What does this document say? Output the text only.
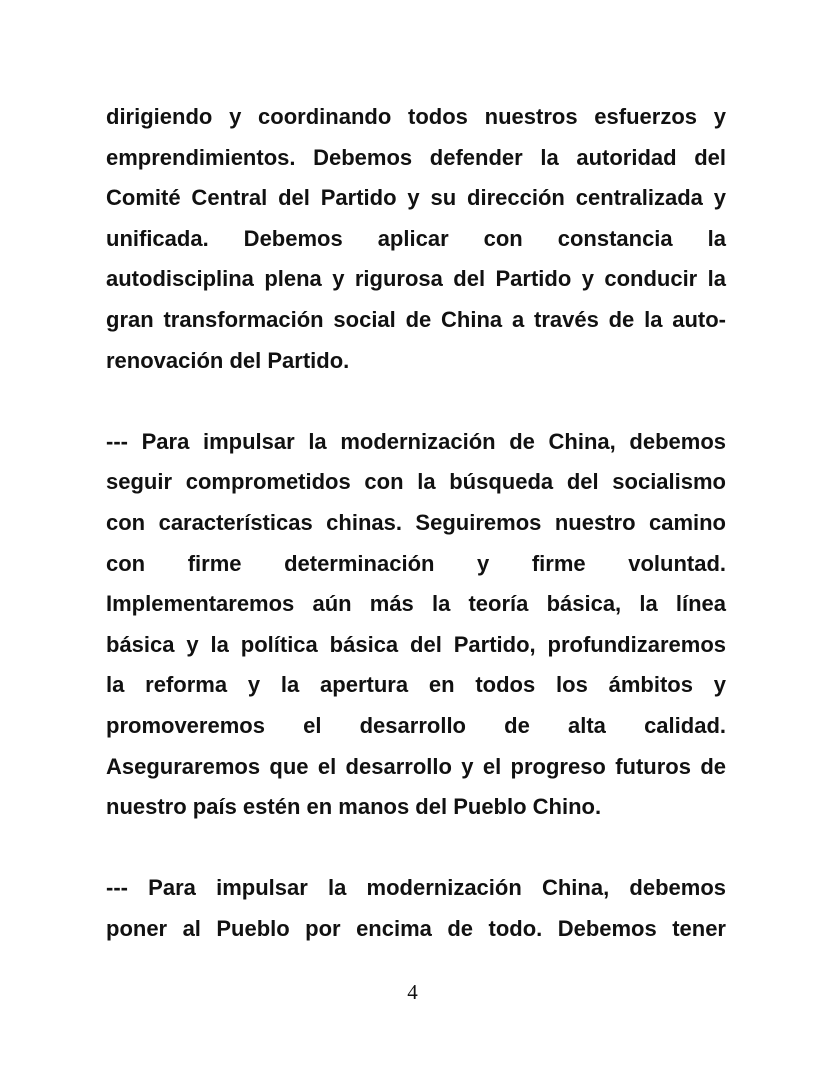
dirigiendo y coordinando todos nuestros esfuerzos y
emprendimientos. Debemos defender la autoridad del
Comité Central del Partido y su dirección centralizada y
unificada. Debemos aplicar con constancia la
autodisciplina plena y rigurosa del Partido y conducir la
gran transformación social de China a través de la auto-
renovación del Partido.
--- Para impulsar la modernización de China, debemos
seguir comprometidos con la búsqueda del socialismo
con características chinas. Seguiremos nuestro camino
con firme determinación y firme voluntad.
Implementaremos aún más la teoría básica, la línea
básica y la política básica del Partido, profundizaremos
la reforma y la apertura en todos los ámbitos y
promoveremos el desarrollo de alta calidad.
Aseguraremos que el desarrollo y el progreso futuros de
nuestro país estén en manos del Pueblo Chino.
--- Para impulsar la modernización China, debemos
poner al Pueblo por encima de todo. Debemos tener
4
